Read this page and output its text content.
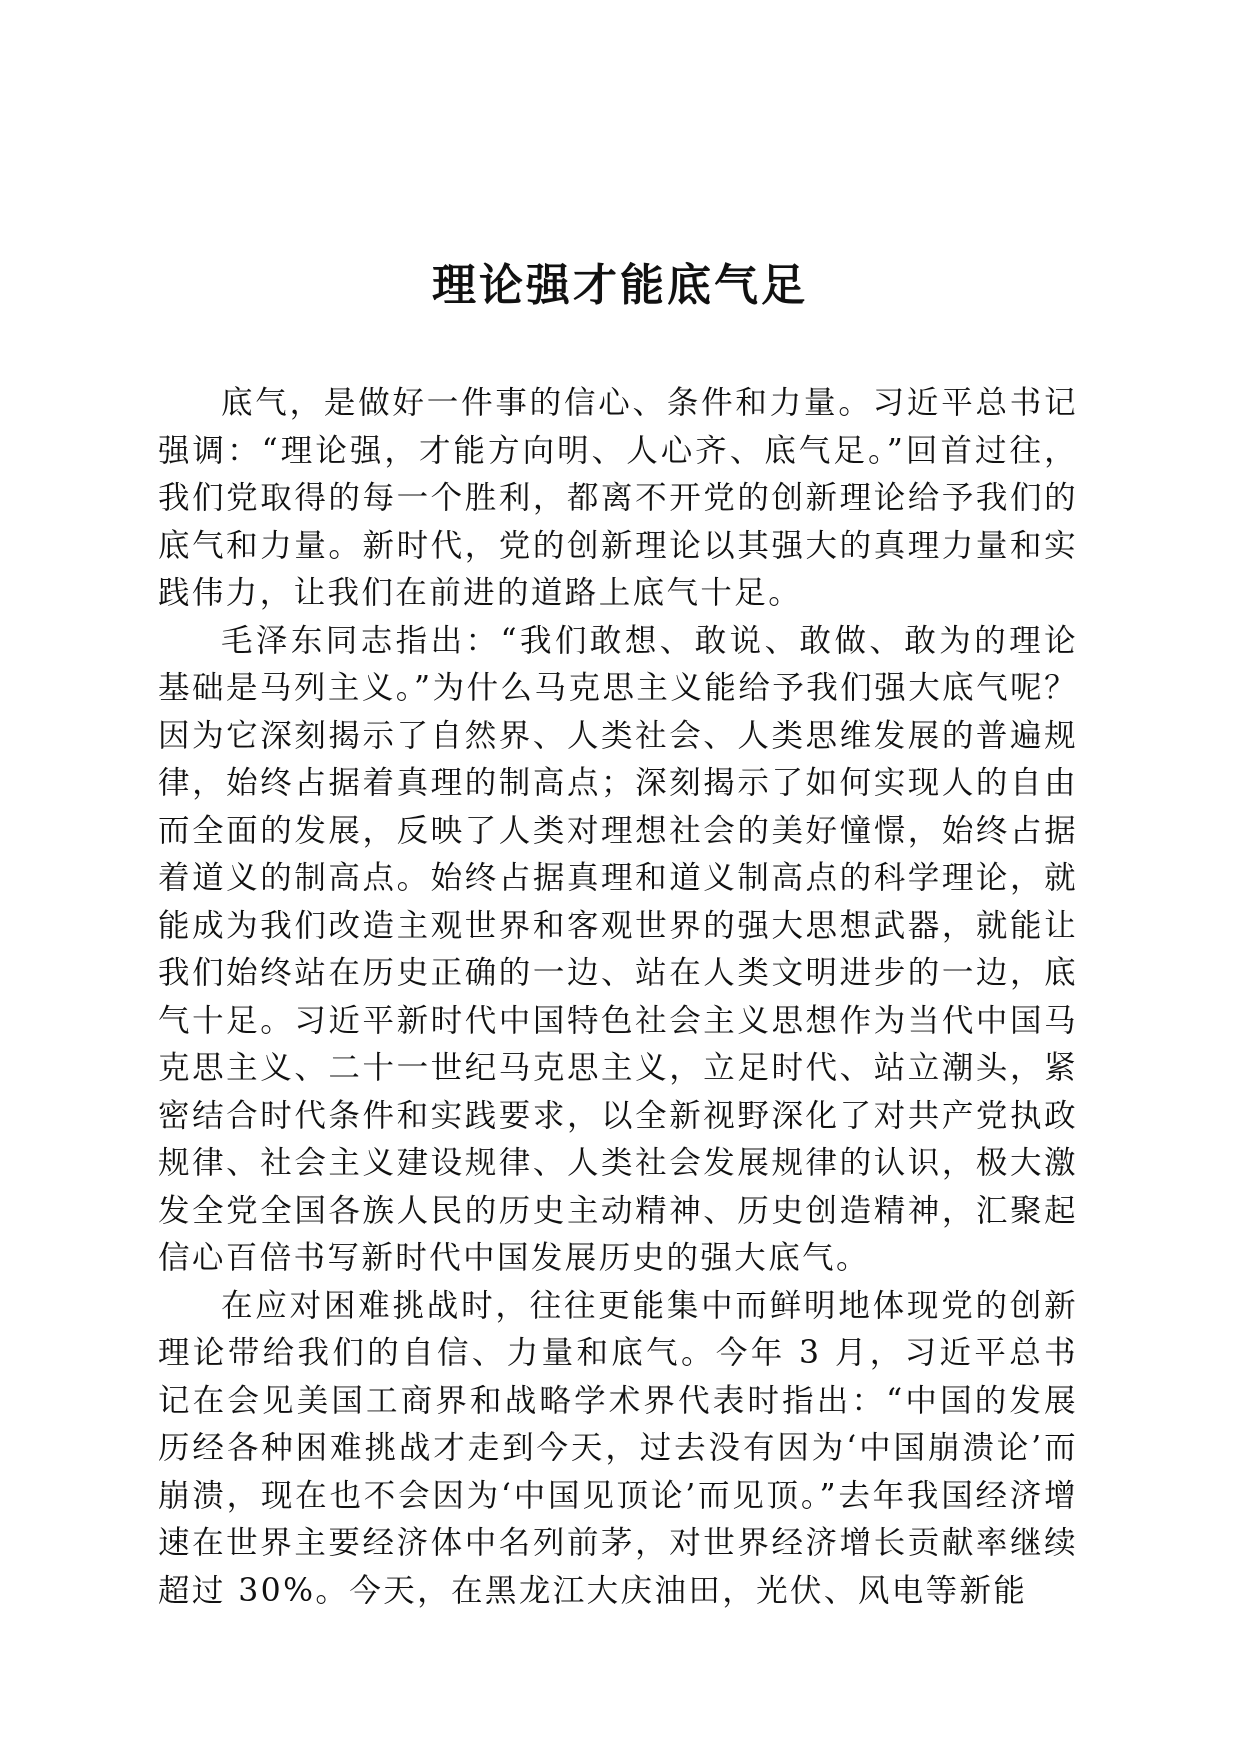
理论强才能底气足

底气，是做好一件事的信心、条件和力量。习近平总书记强调：“理论强，才能方向明、人心齐、底气足。”回首过往，我们党取得的每一个胜利，都离不开党的创新理论给予我们的底气和力量。新时代，党的创新理论以其强大的真理力量和实践伟力，让我们在前进的道路上底气十足。

毛泽东同志指出：“我们敢想、敢说、敢做、敢为的理论基础是马列主义。”为什么马克思主义能给予我们强大底气呢？因为它深刻揭示了自然界、人类社会、人类思维发展的普遍规律，始终占据着真理的制高点；深刻揭示了如何实现人的自由而全面的发展，反映了人类对理想社会的美好憧憬，始终占据着道义的制高点。始终占据真理和道义制高点的科学理论，就能成为我们改造主观世界和客观世界的强大思想武器，就能让我们始终站在历史正确的一边、站在人类文明进步的一边，底气十足。习近平新时代中国特色社会主义思想作为当代中国马克思主义、二十一世纪马克思主义，立足时代、站立潮头，紧密结合时代条件和实践要求，以全新视野深化了对共产党执政规律、社会主义建设规律、人类社会发展规律的认识，极大激发全党全国各族人民的历史主动精神、历史创造精神，汇聚起信心百倍书写新时代中国发展历史的强大底气。

在应对困难挑战时，往往更能集中而鲜明地体现党的创新理论带给我们的自信、力量和底气。今年 3 月，习近平总书记在会见美国工商界和战略学术界代表时指出：“中国的发展历经各种困难挑战才走到今天，过去没有因为‘中国崩溃论’而崩溃，现在也不会因为‘中国见顶论’而见顶。”去年我国经济增速在世界主要经济体中名列前茅，对世界经济增长贡献率继续超过 30%。今天，在黑龙江大庆油田，光伏、风电等新能
